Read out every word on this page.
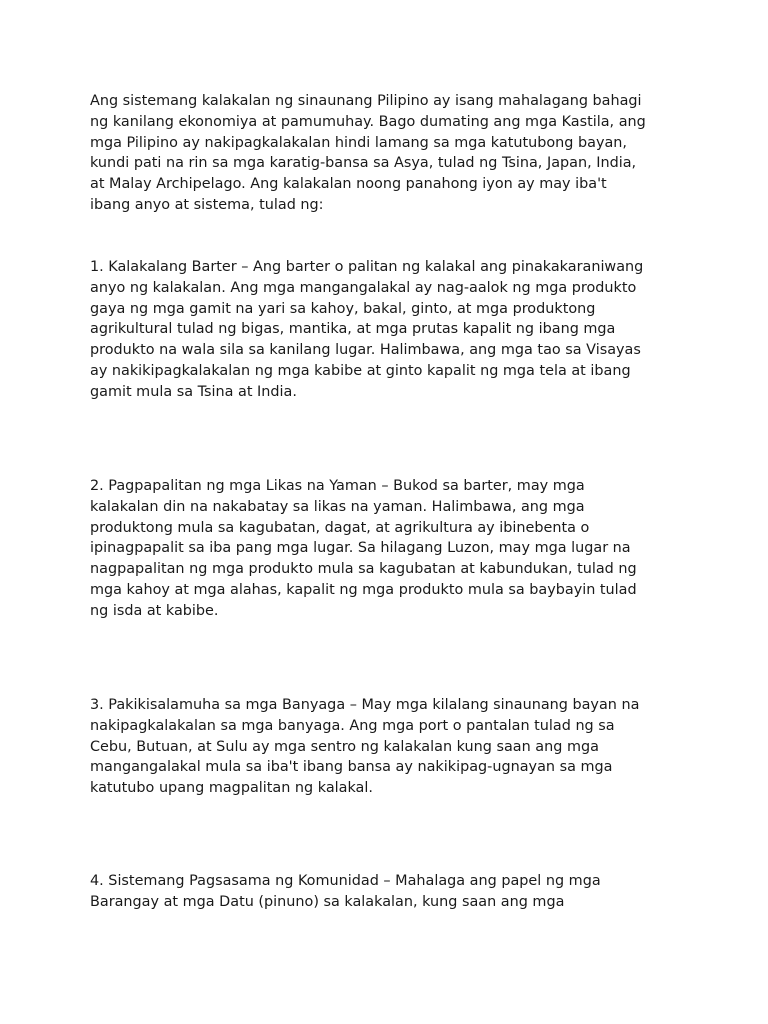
Ang sistemang kalakalan ng sinaunang Pilipino ay isang mahalagang bahagi
ng kanilang ekonomiya at pamumuhay. Bago dumating ang mga Kastila, ang
mga Pilipino ay nakipagkalakalan hindi lamang sa mga katutubong bayan,
kundi pati na rin sa mga karatig-bansa sa Asya, tulad ng Tsina, Japan, India,
at Malay Archipelago. Ang kalakalan noong panahong iyon ay may iba't
ibang anyo at sistema, tulad ng:

1. Kalakalang Barter – Ang barter o palitan ng kalakal ang pinakakaraniwang
anyo ng kalakalan. Ang mga mangangalakal ay nag-aalok ng mga produkto
gaya ng mga gamit na yari sa kahoy, bakal, ginto, at mga produktong
agrikultural tulad ng bigas, mantika, at mga prutas kapalit ng ibang mga
produkto na wala sila sa kanilang lugar. Halimbawa, ang mga tao sa Visayas
ay nakikipagkalakalan ng mga kabibe at ginto kapalit ng mga tela at ibang
gamit mula sa Tsina at India.

2. Pagpapalitan ng mga Likas na Yaman – Bukod sa barter, may mga
kalakalan din na nakabatay sa likas na yaman. Halimbawa, ang mga
produktong mula sa kagubatan, dagat, at agrikultura ay ibinebenta o
ipinagpapalit sa iba pang mga lugar. Sa hilagang Luzon, may mga lugar na
nagpapalitan ng mga produkto mula sa kagubatan at kabundukan, tulad ng
mga kahoy at mga alahas, kapalit ng mga produkto mula sa baybayin tulad
ng isda at kabibe.

3. Pakikisalamuha sa mga Banyaga – May mga kilalang sinaunang bayan na
nakipagkalakalan sa mga banyaga. Ang mga port o pantalan tulad ng sa
Cebu, Butuan, at Sulu ay mga sentro ng kalakalan kung saan ang mga
mangangalakal mula sa iba't ibang bansa ay nakikipag-ugnayan sa mga
katutubo upang magpalitan ng kalakal.

4. Sistemang Pagsasama ng Komunidad – Mahalaga ang papel ng mga
Barangay at mga Datu (pinuno) sa kalakalan, kung saan ang mga
